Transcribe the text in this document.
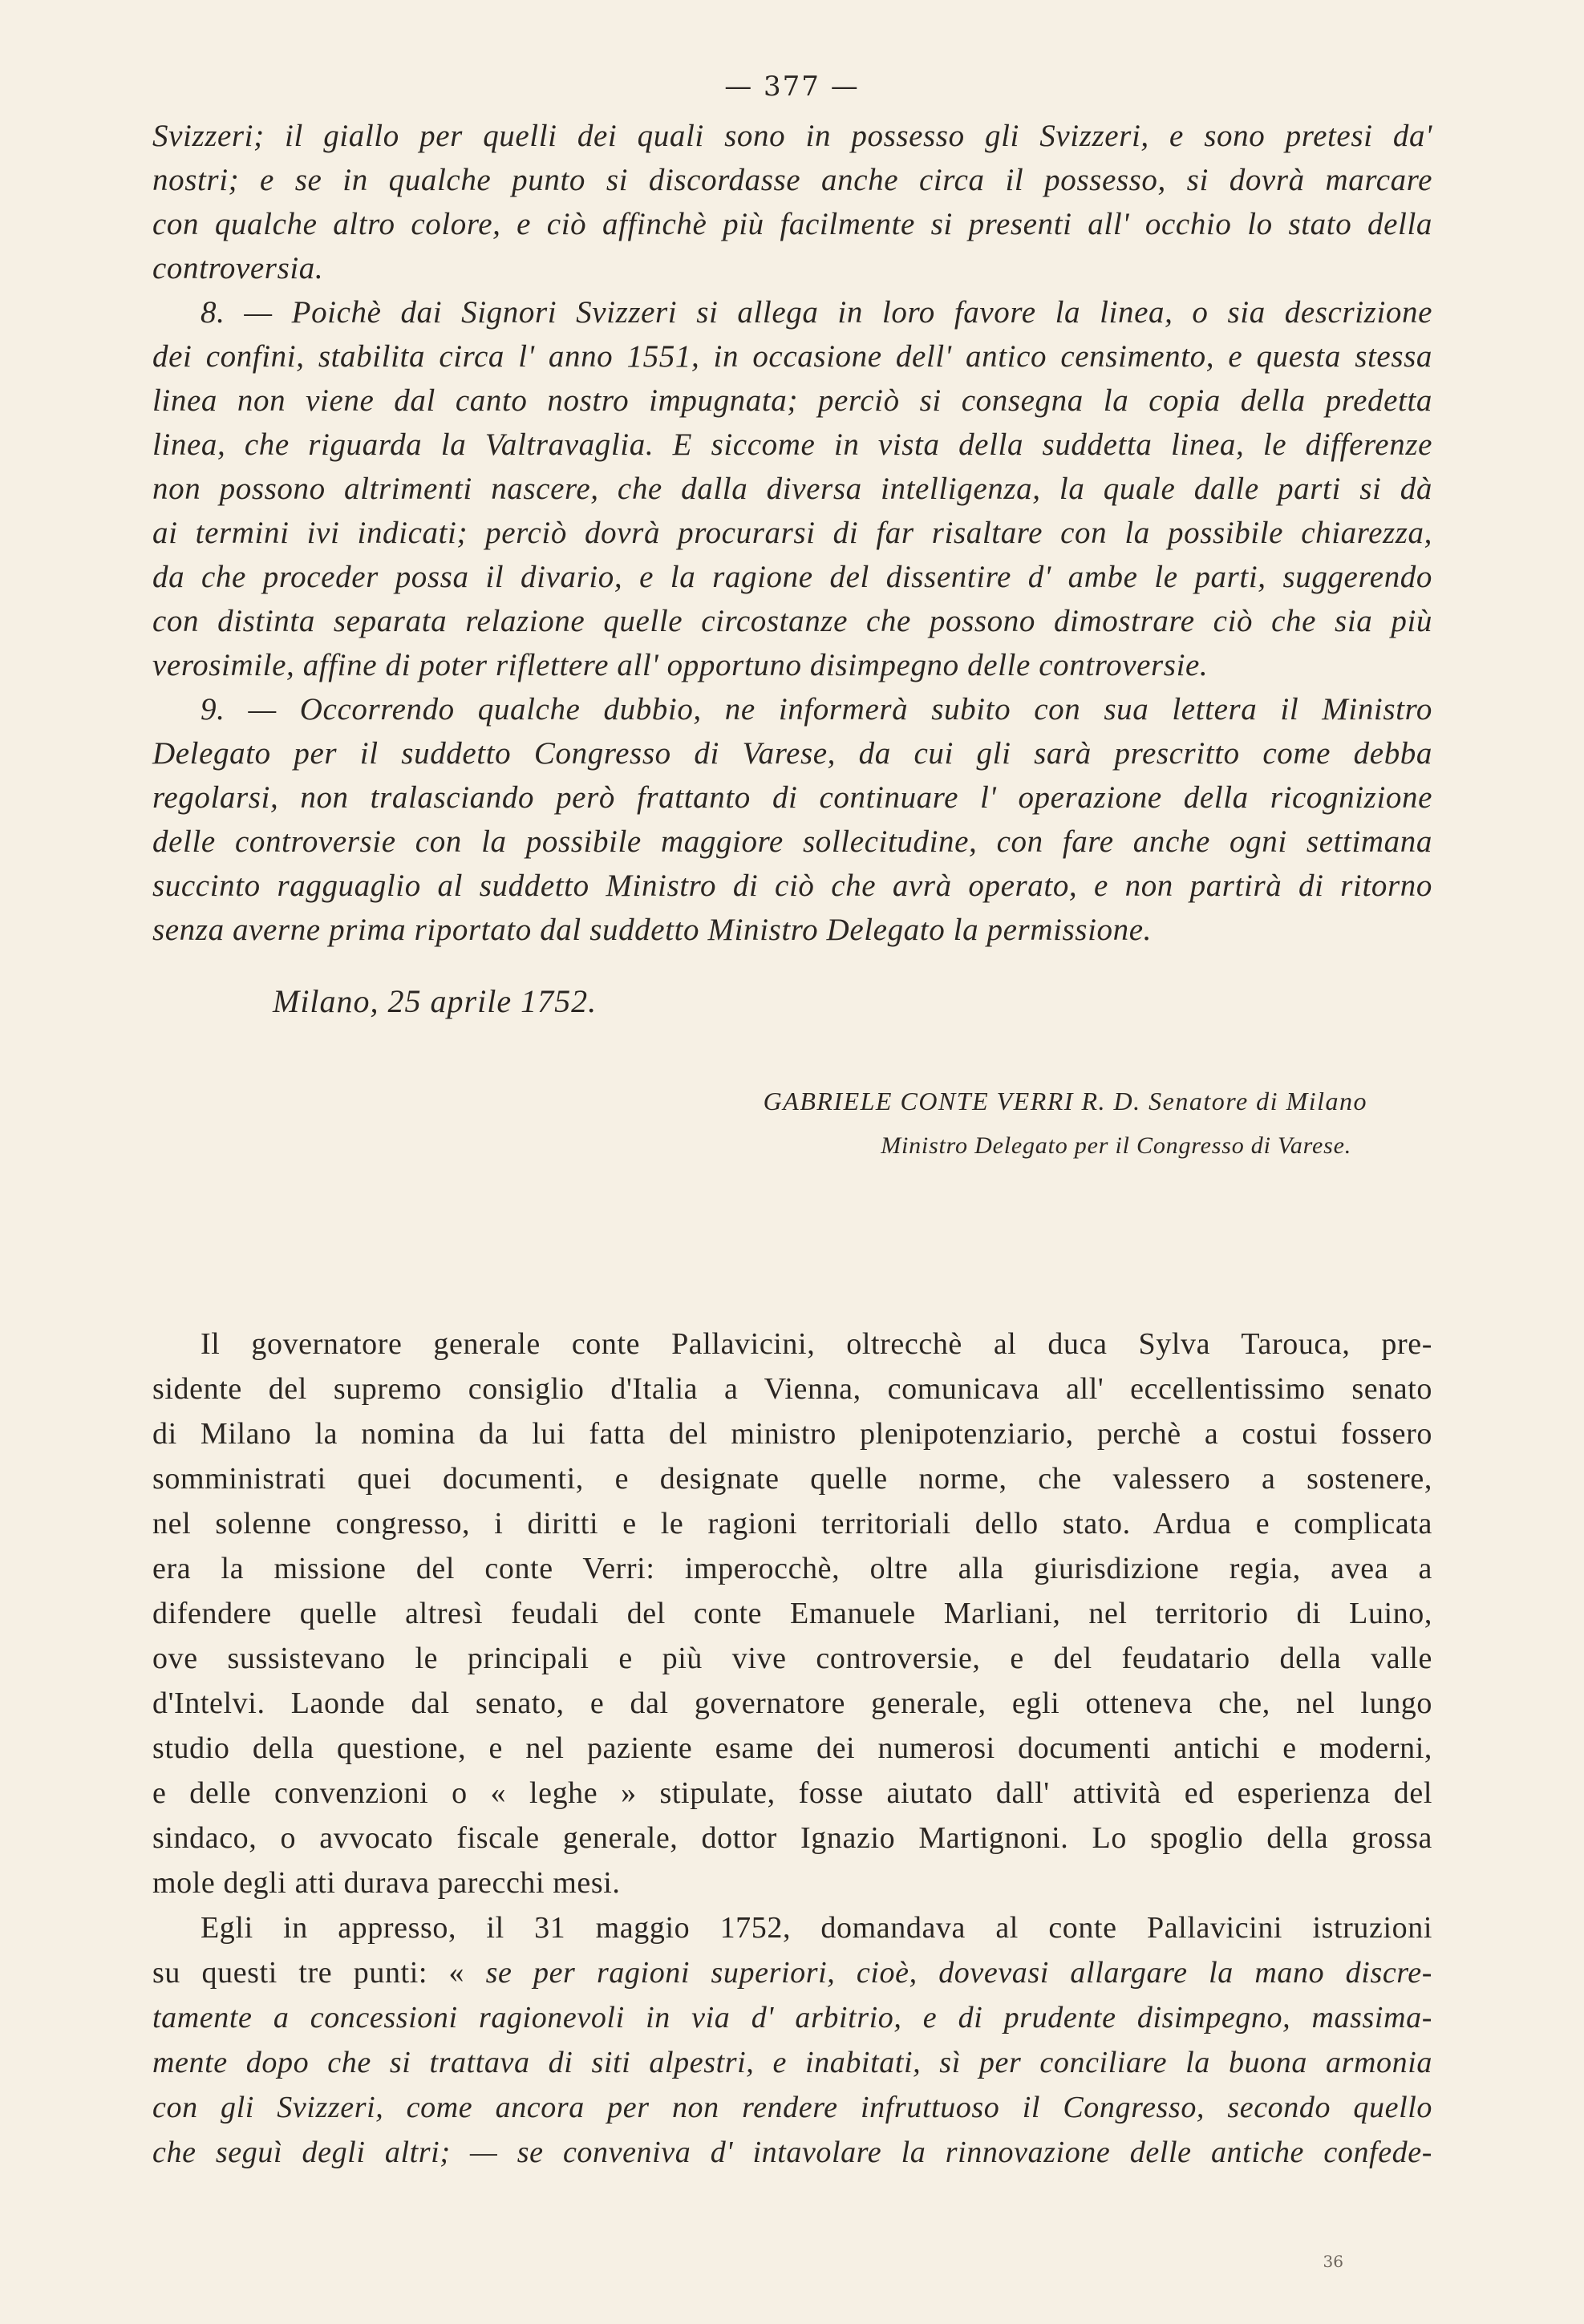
— 377 —
Svizzeri; il giallo per quelli dei quali sono in possesso gli Svizzeri, e sono pretesi da'
nostri; e se in qualche punto si discordasse anche circa il possesso, si dovrà marcare
con qualche altro colore, e ciò affinchè più facilmente si presenti all' occhio lo stato della
controversia.
8. — Poichè dai Signori Svizzeri si allega in loro favore la linea, o sia descrizione
dei confini, stabilita circa l' anno 1551, in occasione dell' antico censimento, e questa stessa
linea non viene dal canto nostro impugnata; perciò si consegna la copia della predetta
linea, che riguarda la Valtravaglia. E siccome in vista della suddetta linea, le differenze
non possono altrimenti nascere, che dalla diversa intelligenza, la quale dalle parti si dà
ai termini ivi indicati; perciò dovrà procurarsi di far risaltare con la possibile chiarezza,
da che proceder possa il divario, e la ragione del dissentire d' ambe le parti, suggerendo
con distinta separata relazione quelle circostanze che possono dimostrare ciò che sia più
verosimile, affine di poter riflettere all' opportuno disimpegno delle controversie.
9. — Occorrendo qualche dubbio, ne informerà subito con sua lettera il Ministro
Delegato per il suddetto Congresso di Varese, da cui gli sarà prescritto come debba
regolarsi, non tralasciando però frattanto di continuare l' operazione della ricognizione
delle controversie con la possibile maggiore sollecitudine, con fare anche ogni settimana
succinto ragguaglio al suddetto Ministro di ciò che avrà operato, e non partirà di ritorno
senza averne prima riportato dal suddetto Ministro Delegato la permissione.
Milano, 25 aprile 1752.
GABRIELE CONTE VERRI R. D. Senatore di Milano
Ministro Delegato per il Congresso di Varese.
Il governatore generale conte Pallavicini, oltrecchè al duca Sylva Tarouca, pre-
sidente del supremo consiglio d'Italia a Vienna, comunicava all' eccellentissimo senato
di Milano la nomina da lui fatta del ministro plenipotenziario, perchè a costui fossero
somministrati quei documenti, e designate quelle norme, che valessero a sostenere,
nel solenne congresso, i diritti e le ragioni territoriali dello stato. Ardua e complicata
era la missione del conte Verri: imperocchè, oltre alla giurisdizione regia, avea a
difendere quelle altresì feudali del conte Emanuele Marliani, nel territorio di Luino,
ove sussistevano le principali e più vive controversie, e del feudatario della valle
d'Intelvi. Laonde dal senato, e dal governatore generale, egli otteneva che, nel lungo
studio della questione, e nel paziente esame dei numerosi documenti antichi e moderni,
e delle convenzioni o « leghe » stipulate, fosse aiutato dall' attività ed esperienza del
sindaco, o avvocato fiscale generale, dottor Ignazio Martignoni. Lo spoglio della grossa
mole degli atti durava parecchi mesi.
Egli in appresso, il 31 maggio 1752, domandava al conte Pallavicini istruzioni
su questi tre punti: « se per ragioni superiori, cioè, dovevasi allargare la mano discre-
tamente a concessioni ragionevoli in via d' arbitrio, e di prudente disimpegno, massima-
mente dopo che si trattava di siti alpestri, e inabitati, sì per conciliare la buona armonia
con gli Svizzeri, come ancora per non rendere infruttuoso il Congresso, secondo quello
che seguì degli altri; — se conveniva d' intavolare la rinnovazione delle antiche confede-
36
